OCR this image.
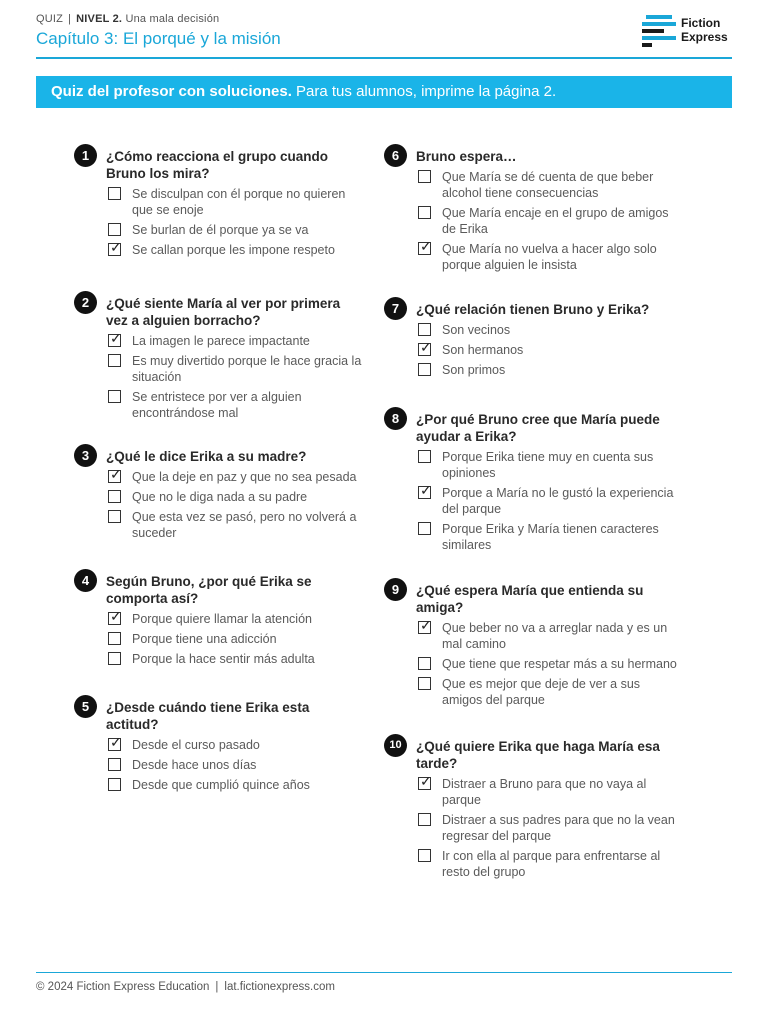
QUIZ | NIVEL 2. Una mala decisión
Capítulo 3: El porqué y la misión
Fiction
Express
Quiz del profesor con soluciones. Para tus alumnos, imprime la página 2.
1	¿Cómo reacciona el grupo cuando Bruno los mira?
Se disculpan con él porque no quieren que se enoje
Se burlan de él porque ya se va
✓ Se callan porque les impone respeto
2	¿Qué siente María al ver por primera vez a alguien borracho?
✓ La imagen le parece impactante
Es muy divertido porque le hace gracia la situación
Se entristece por ver a alguien encontrándose mal
3	¿Qué le dice Erika a su madre?
✓ Que la deje en paz y que no sea pesada
Que no le diga nada a su padre
Que esta vez se pasó, pero no volverá a suceder
4	Según Bruno, ¿por qué Erika se comporta así?
✓ Porque quiere llamar la atención
Porque tiene una adicción
Porque la hace sentir más adulta
5	¿Desde cuándo tiene Erika esta actitud?
✓ Desde el curso pasado
Desde hace unos días
Desde que cumplió quince años
6	Bruno espera…
Que María se dé cuenta de que beber alcohol tiene consecuencias
Que María encaje en el grupo de amigos de Erika
✓ Que María no vuelva a hacer algo solo porque alguien le insista
7	¿Qué relación tienen Bruno y Erika?
Son vecinos
✓ Son hermanos
Son primos
8	¿Por qué Bruno cree que María puede ayudar a Erika?
Porque Erika tiene muy en cuenta sus opiniones
✓ Porque a María no le gustó la experiencia del parque
Porque Erika y María tienen caracteres similares
9	¿Qué espera María que entienda su amiga?
✓ Que beber no va a arreglar nada y es un mal camino
Que tiene que respetar más a su hermano
Que es mejor que deje de ver a sus amigos del parque
10	¿Qué quiere Erika que haga María esa tarde?
✓ Distraer a Bruno para que no vaya al parque
Distraer a sus padres para que no la vean regresar del parque
Ir con ella al parque para enfrentarse al resto del grupo
© 2024 Fiction Express Education | lat.fictionexpress.com
